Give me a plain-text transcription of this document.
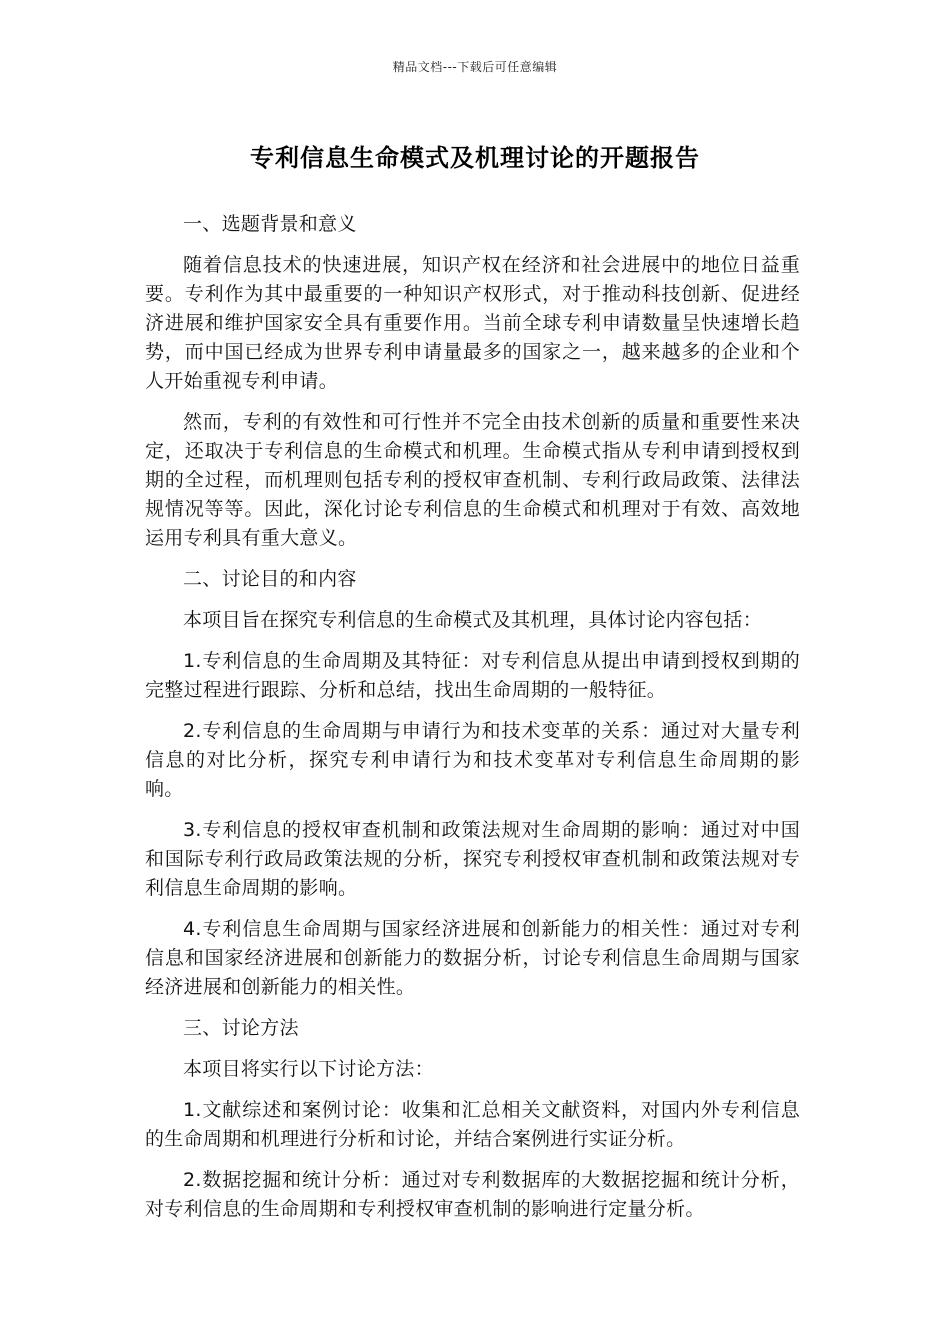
精品文档---下载后可任意编辑
专利信息生命模式及机理讨论的开题报告

一、选题背景和意义

随着信息技术的快速进展，知识产权在经济和社会进展中的地位日益重要。专利作为其中最重要的一种知识产权形式，对于推动科技创新、促进经济进展和维护国家安全具有重要作用。当前全球专利申请数量呈快速增长趋势，而中国已经成为世界专利申请量最多的国家之一，越来越多的企业和个人开始重视专利申请。

然而，专利的有效性和可行性并不完全由技术创新的质量和重要性来决定，还取决于专利信息的生命模式和机理。生命模式指从专利申请到授权到期的全过程，而机理则包括专利的授权审查机制、专利行政局政策、法律法规情况等等。因此，深化讨论专利信息的生命模式和机理对于有效、高效地运用专利具有重大意义。

二、讨论目的和内容

本项目旨在探究专利信息的生命模式及其机理，具体讨论内容包括：

1.专利信息的生命周期及其特征：对专利信息从提出申请到授权到期的完整过程进行跟踪、分析和总结，找出生命周期的一般特征。

2.专利信息的生命周期与申请行为和技术变革的关系：通过对大量专利信息的对比分析，探究专利申请行为和技术变革对专利信息生命周期的影响。

3.专利信息的授权审查机制和政策法规对生命周期的影响：通过对中国和国际专利行政局政策法规的分析，探究专利授权审查机制和政策法规对专利信息生命周期的影响。

4.专利信息生命周期与国家经济进展和创新能力的相关性：通过对专利信息和国家经济进展和创新能力的数据分析，讨论专利信息生命周期与国家经济进展和创新能力的相关性。

三、讨论方法

本项目将实行以下讨论方法：

1.文献综述和案例讨论：收集和汇总相关文献资料，对国内外专利信息的生命周期和机理进行分析和讨论，并结合案例进行实证分析。

2.数据挖掘和统计分析：通过对专利数据库的大数据挖掘和统计分析，对专利信息的生命周期和专利授权审查机制的影响进行定量分析。
